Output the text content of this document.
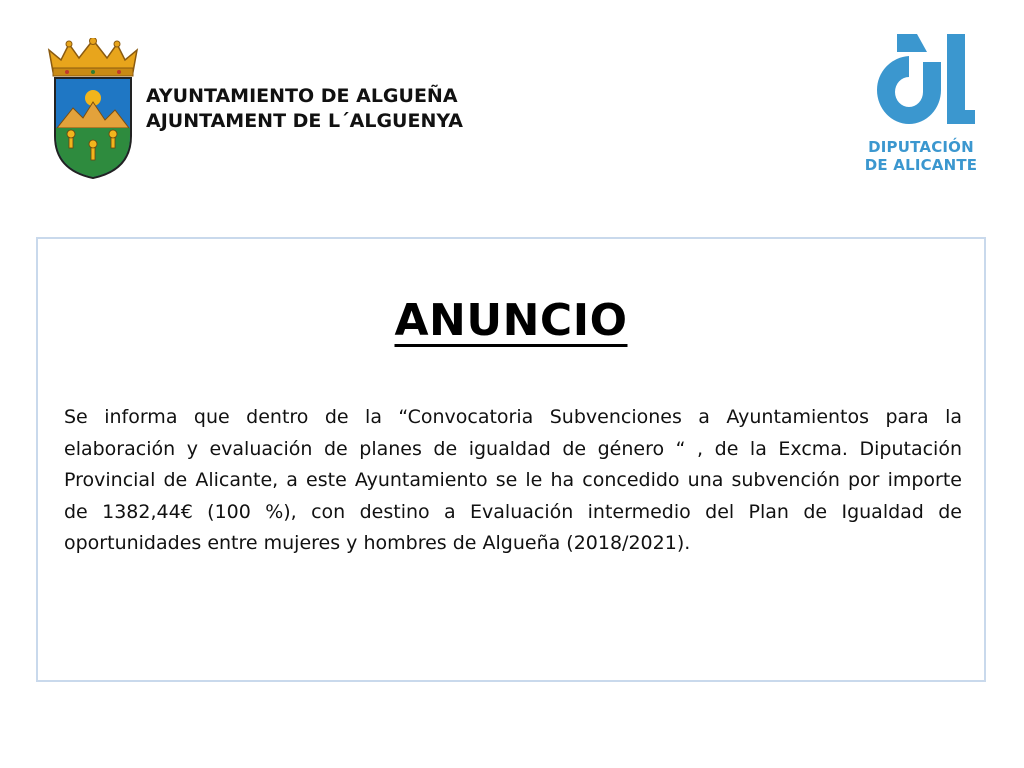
AYUNTAMIENTO DE ALGUEÑA
AJUNTAMENT DE L´ALGUENYA
DIPUTACIÓN
DE ALICANTE
ANUNCIO

Se informa que dentro de la “Convocatoria Subvenciones a Ayuntamientos para la elaboración y evaluación de planes de igualdad de género “ , de la Excma. Diputación Provincial de Alicante, a este Ayuntamiento se le ha concedido una subvención por importe de 1382,44€ (100 %), con destino a Evaluación intermedio del Plan de Igualdad de oportunidades entre mujeres y hombres de Algueña (2018/2021).
